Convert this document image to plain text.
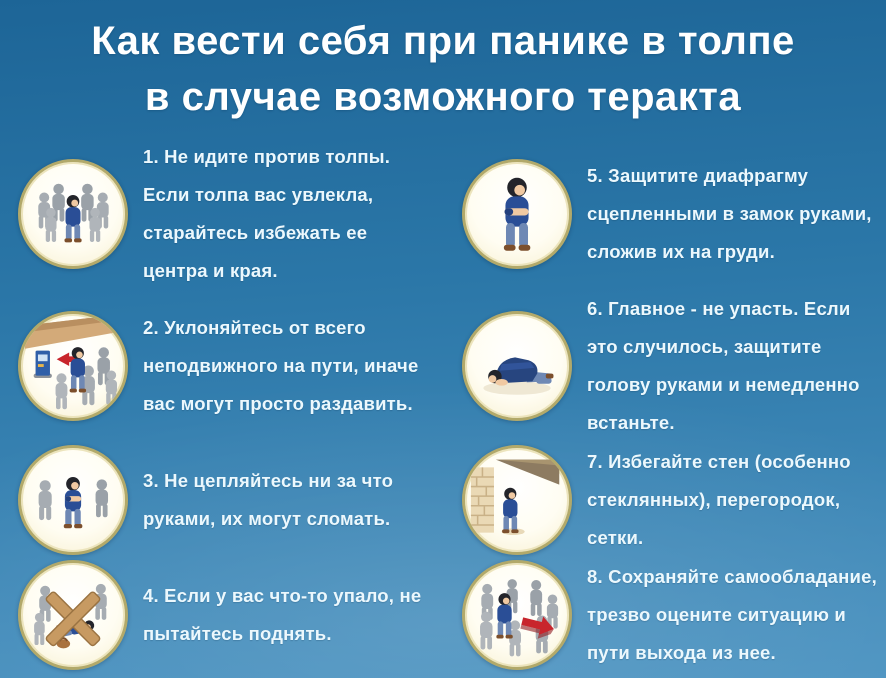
Как вести себя при панике в толпе
в случае возможного теракта
1. Не идите против толпы. Если толпа вас увлекла, старайтесь избежать ее центра и края.
5. Защитите диафрагму сцепленными в замок руками, сложив их на груди.
2. Уклоняйтесь от всего неподвижного на пути, иначе вас могут просто раздавить.
6. Главное - не упасть. Если это случилось, защитите голову руками и немедленно встаньте.
3. Не цепляйтесь ни за что руками, их могут сломать.
7. Избегайте стен (особенно стеклянных), перегородок, сетки.
4. Если у вас что-то упало, не пытайтесь поднять.
8. Сохраняйте самообладание, трезво оцените ситуацию и пути выхода из нее.
